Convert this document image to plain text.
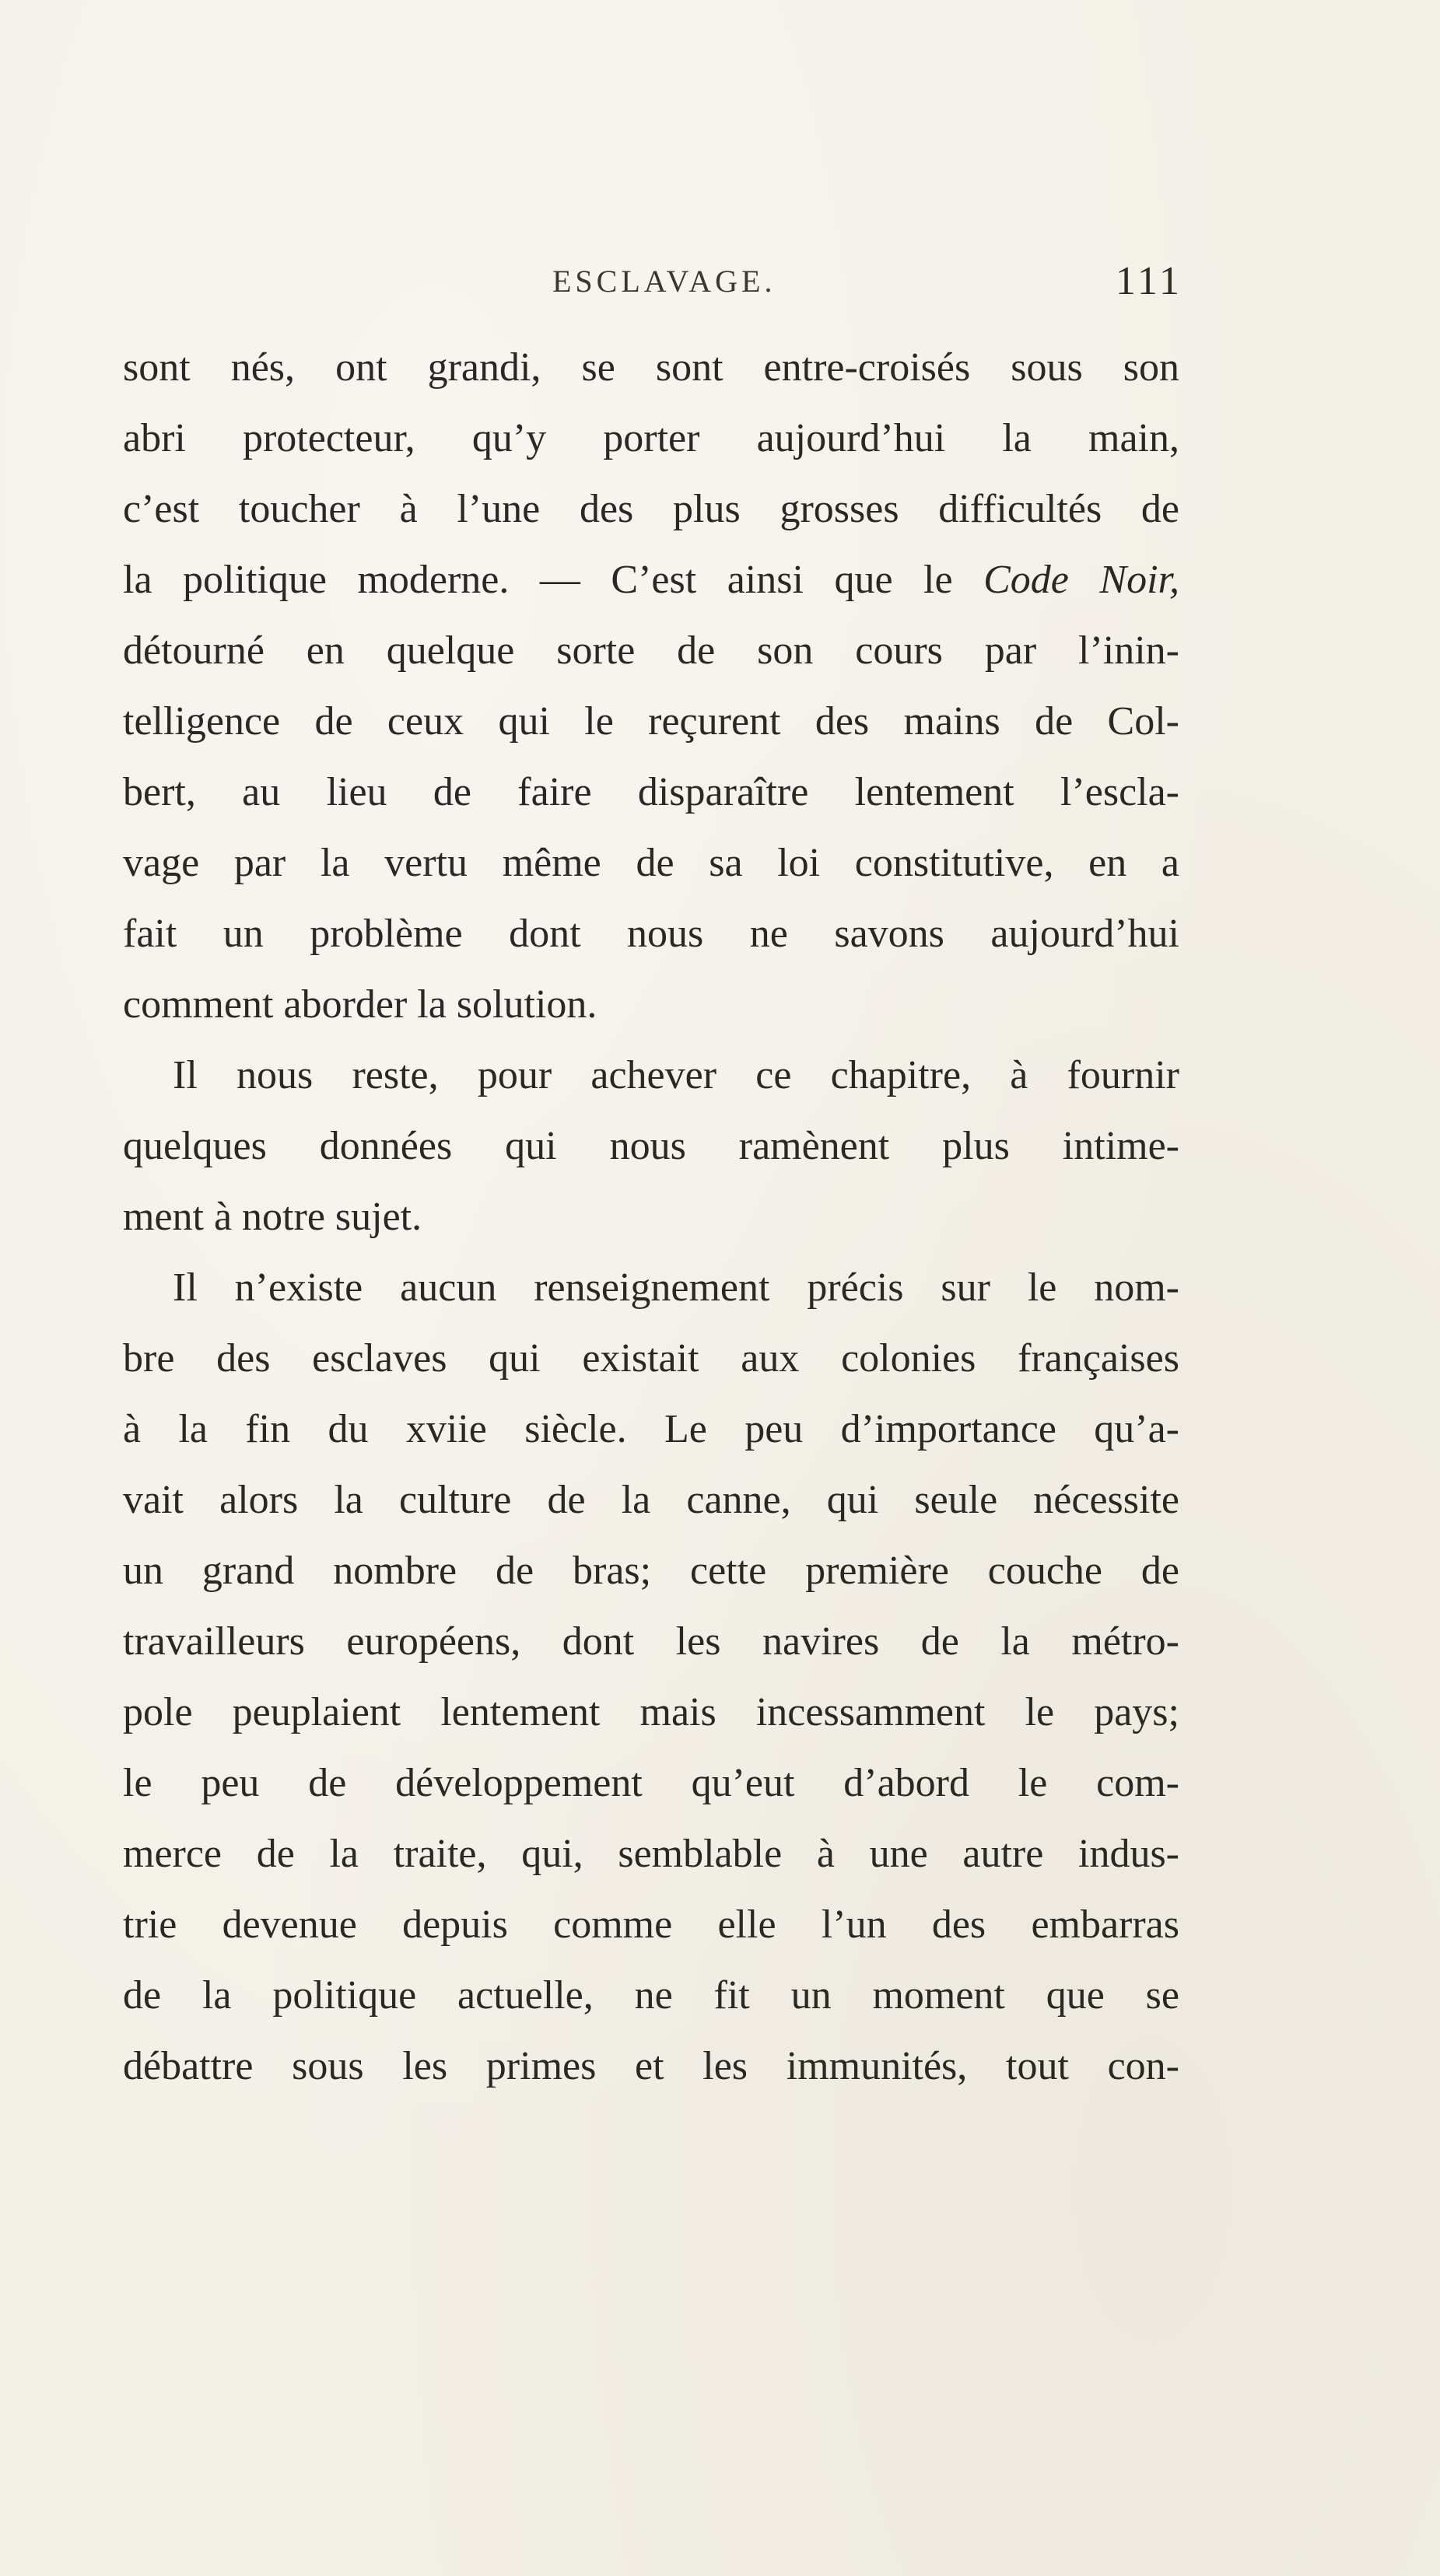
ESCLAVAGE.	111
sont nés, ont grandi, se sont entre-croisés sous son
abri protecteur, qu’y porter aujourd’hui la main,
c’est toucher à l’une des plus grosses difficultés de
la politique moderne. — C’est ainsi que le Code Noir,
détourné en quelque sorte de son cours par l’inin-
telligence de ceux qui le reçurent des mains de Col-
bert, au lieu de faire disparaître lentement l’escla-
vage par la vertu même de sa loi constitutive, en a
fait un problème dont nous ne savons aujourd’hui
comment aborder la solution.
Il nous reste, pour achever ce chapitre, à fournir
quelques données qui nous ramènent plus intime-
ment à notre sujet.
Il n’existe aucun renseignement précis sur le nom-
bre des esclaves qui existait aux colonies françaises
à la fin du xviie siècle. Le peu d’importance qu’a-
vait alors la culture de la canne, qui seule nécessite
un grand nombre de bras; cette première couche de
travailleurs européens, dont les navires de la métro-
pole peuplaient lentement mais incessamment le pays;
le peu de développement qu’eut d’abord le com-
merce de la traite, qui, semblable à une autre indus-
trie devenue depuis comme elle l’un des embarras
de la politique actuelle, ne fit un moment que se
débattre sous les primes et les immunités, tout con-
